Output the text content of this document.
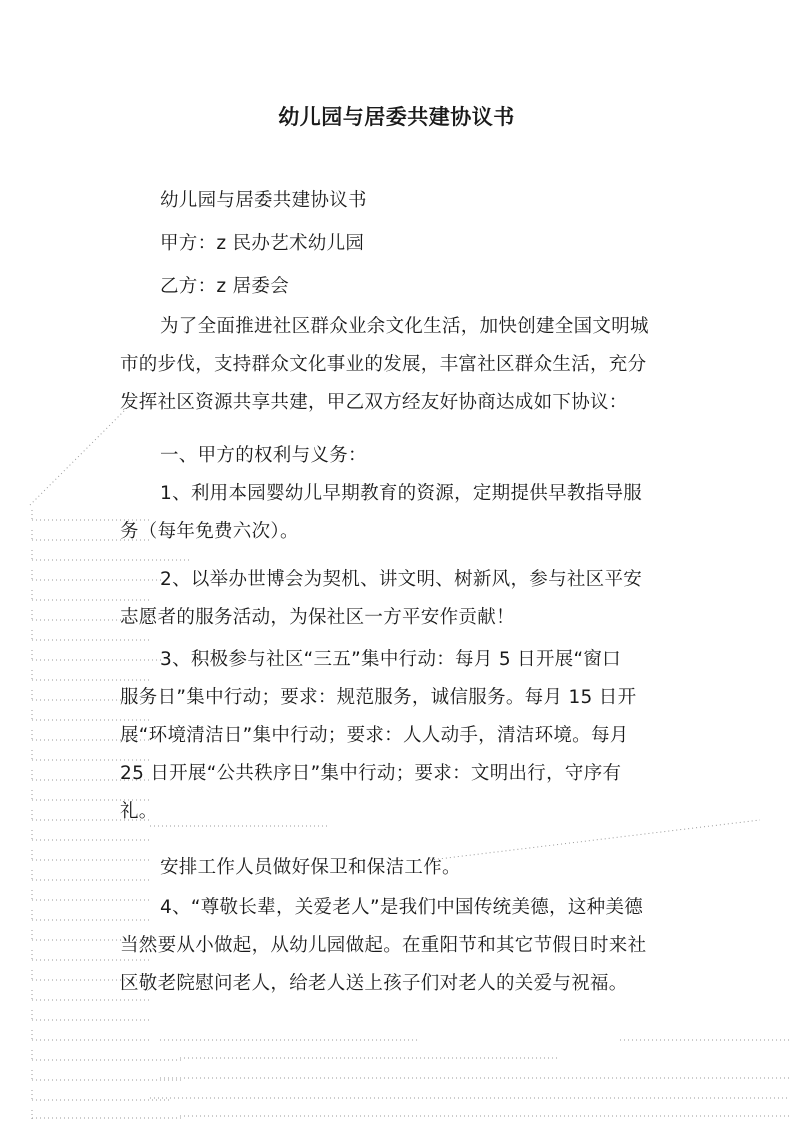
幼儿园与居委共建协议书
幼儿园与居委共建协议书
甲方：z 民办艺术幼儿园
乙方：z 居委会
为了全面推进社区群众业余文化生活，加快创建全国文明城
市的步伐，支持群众文化事业的发展，丰富社区群众生活，充分
发挥社区资源共享共建，甲乙双方经友好协商达成如下协议：
一、甲方的权利与义务：
1、利用本园婴幼儿早期教育的资源，定期提供早教指导服
务（每年免费六次）。
2、以举办世博会为契机、讲文明、树新风，参与社区平安
志愿者的服务活动，为保社区一方平安作贡献！
3、积极参与社区“三五”集中行动：每月 5 日开展“窗口
服务日”集中行动；要求：规范服务，诚信服务。每月 15 日开
展“环境清洁日”集中行动；要求：人人动手，清洁环境。每月
25 日开展“公共秩序日”集中行动；要求：文明出行，守序有
礼。
安排工作人员做好保卫和保洁工作。
4、“尊敬长辈，关爱老人”是我们中国传统美德，这种美德
当然要从小做起，从幼儿园做起。在重阳节和其它节假日时来社
区敬老院慰问老人，给老人送上孩子们对老人的关爱与祝福。
